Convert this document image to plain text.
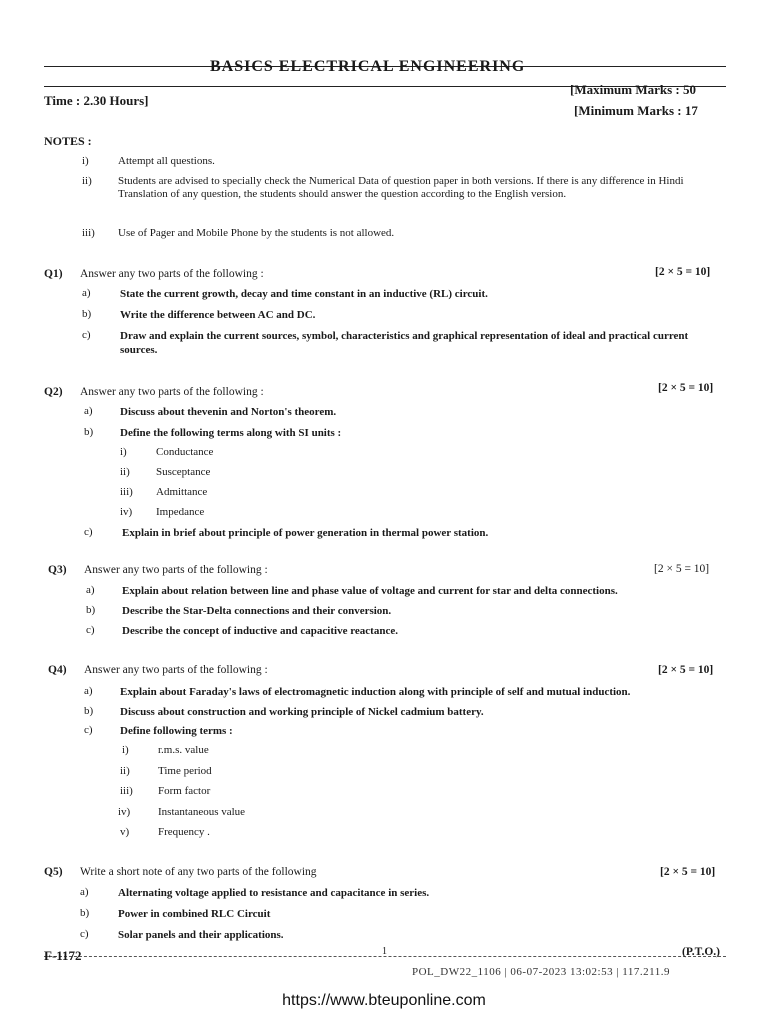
BASICS ELECTRICAL ENGINEERING
Time : 2.30 Hours]
[Maximum Marks : 50
[Minimum Marks : 17
NOTES :
i)	Attempt all questions.
ii) Students are advised to specially check the Numerical Data of question paper in both versions. If there is any difference in Hindi Translation of any question, the students should answer the question according to the English version.
iii) Use of Pager and Mobile Phone by the students is not allowed.
Q1) Answer any two parts of the following :	[2 × 5 = 10]
a)	State the current growth, decay and time constant in an inductive (RL) circuit.
b)	Write the difference between AC and DC.
c)	Draw and explain the current sources, symbol, characteristics and graphical representation of ideal and practical current sources.
Q2) Answer any two parts of the following :	[2 × 5 = 10]
a) Discuss about thevenin and Norton's theorem.
b) Define the following terms along with SI units :
i)	Conductance
ii) Susceptance
iii) Admittance
iv) Impedance
c)	Explain in brief about principle of power generation in thermal power station.
Q3) Answer any two parts of the following :	[2 × 5 = 10]
a) Explain about relation between line and phase value of voltage and current for star and delta connections.
b) Describe the Star-Delta connections and their conversion.
c) Describe the concept of inductive and capacitive reactance.
Q4) Answer any two parts of the following :	[2 × 5 = 10]
a) Explain about Faraday's laws of electromagnetic induction along with principle of self and mutual induction.
b) Discuss about construction and working principle of Nickel cadmium battery.
c) Define following terms :
i)	r.m.s. value
ii)	Time period
iii) Form factor
iv)	Instantaneous value
v)	Frequency .
Q5) Write a short note of any two parts of the following	[2 × 5 = 10]
a)	Alternating voltage applied to resistance and capacitance in series.
b)	Power in combined RLC Circuit
c)	Solar panels and their applications.
F-1172	1	(P.T.O.)
POL_DW22_1106 | 06-07-2023 13:02:53 | 117.211.9
https://www.bteuponline.com
